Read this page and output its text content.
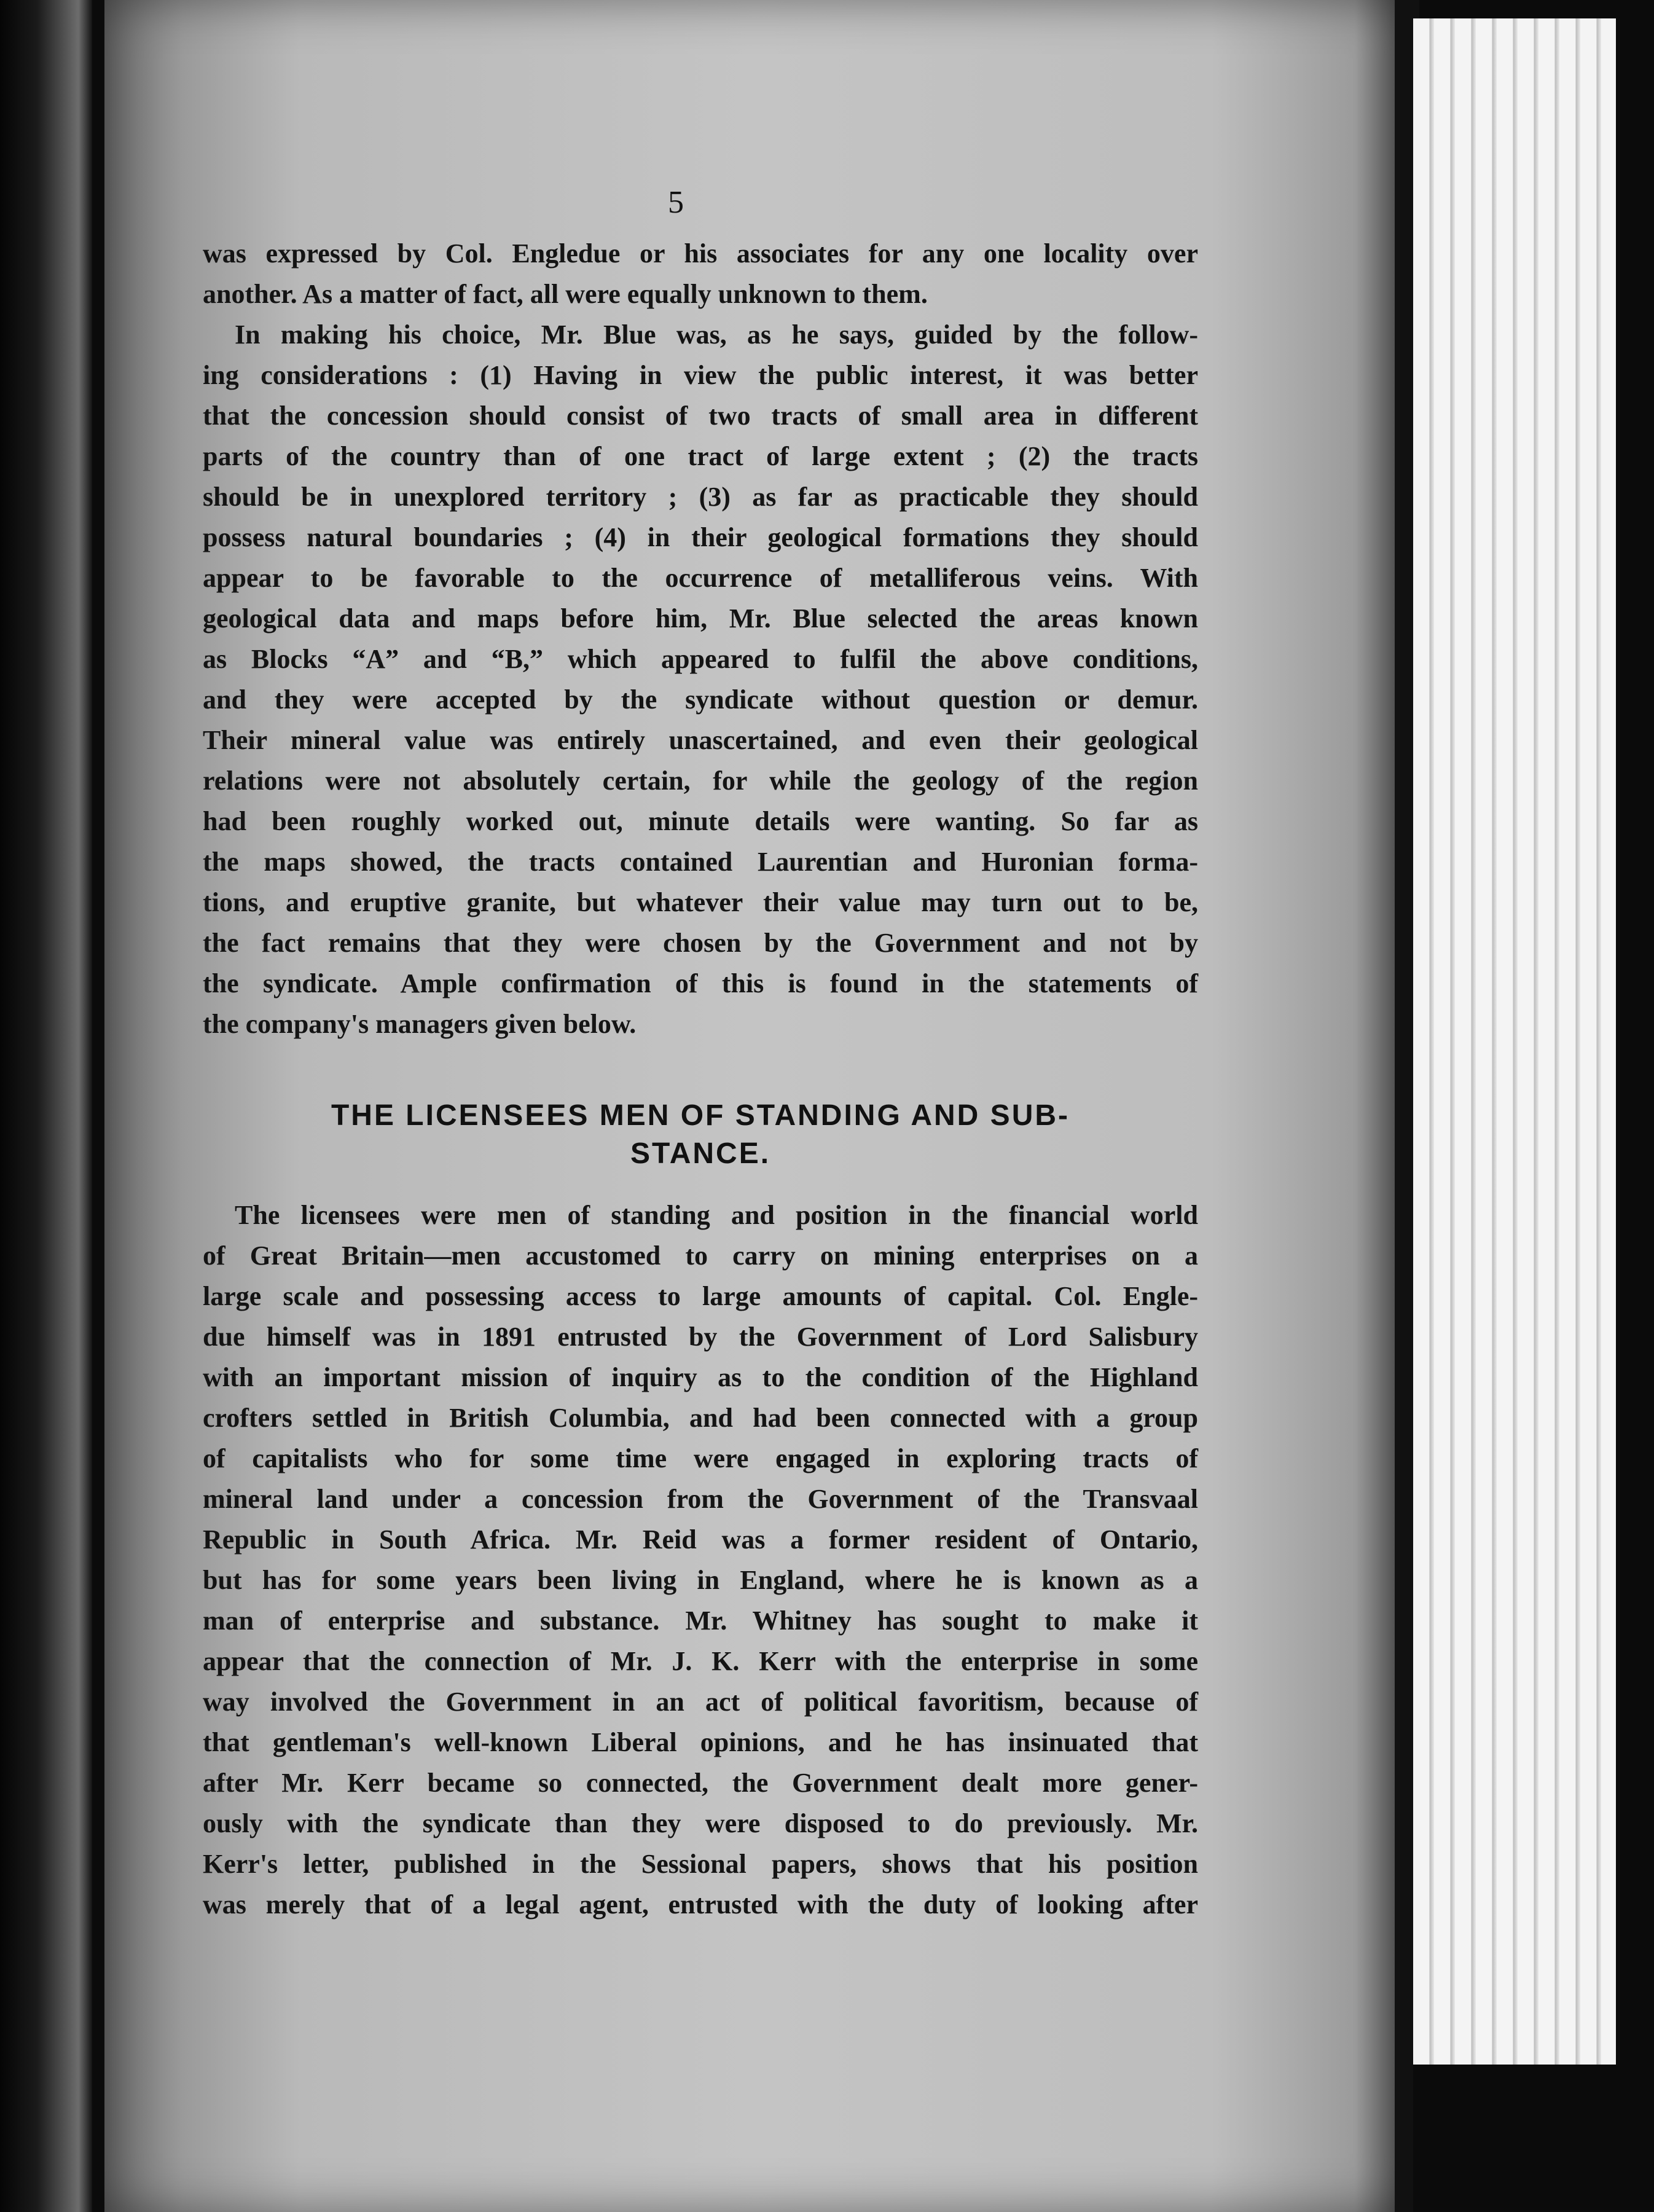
5
was expressed by Col. Engledue or his associates for any one locality over
another. As a matter of fact, all were equally unknown to them.
In making his choice, Mr. Blue was, as he says, guided by the follow-
ing considerations : (1) Having in view the public interest, it was better
that the concession should consist of two tracts of small area in different
parts of the country than of one tract of large extent ; (2) the tracts
should be in unexplored territory ; (3) as far as practicable they should
possess natural boundaries ; (4) in their geological formations they should
appear to be favorable to the occurrence of metalliferous veins. With
geological data and maps before him, Mr. Blue selected the areas known
as Blocks “A” and “B,” which appeared to fulfil the above conditions,
and they were accepted by the syndicate without question or demur.
Their mineral value was entirely unascertained, and even their geological
relations were not absolutely certain, for while the geology of the region
had been roughly worked out, minute details were wanting. So far as
the maps showed, the tracts contained Laurentian and Huronian forma-
tions, and eruptive granite, but whatever their value may turn out to be,
the fact remains that they were chosen by the Government and not by
the syndicate. Ample confirmation of this is found in the statements of
the company's managers given below.
THE LICENSEES MEN OF STANDING AND SUB-
STANCE.
The licensees were men of standing and position in the financial world
of Great Britain—men accustomed to carry on mining enterprises on a
large scale and possessing access to large amounts of capital. Col. Engle-
due himself was in 1891 entrusted by the Government of Lord Salisbury
with an important mission of inquiry as to the condition of the Highland
crofters settled in British Columbia, and had been connected with a group
of capitalists who for some time were engaged in exploring tracts of
mineral land under a concession from the Government of the Transvaal
Republic in South Africa. Mr. Reid was a former resident of Ontario,
but has for some years been living in England, where he is known as a
man of enterprise and substance. Mr. Whitney has sought to make it
appear that the connection of Mr. J. K. Kerr with the enterprise in some
way involved the Government in an act of political favoritism, because of
that gentleman's well-known Liberal opinions, and he has insinuated that
after Mr. Kerr became so connected, the Government dealt more gener-
ously with the syndicate than they were disposed to do previously. Mr.
Kerr's letter, published in the Sessional papers, shows that his position
was merely that of a legal agent, entrusted with the duty of looking after
